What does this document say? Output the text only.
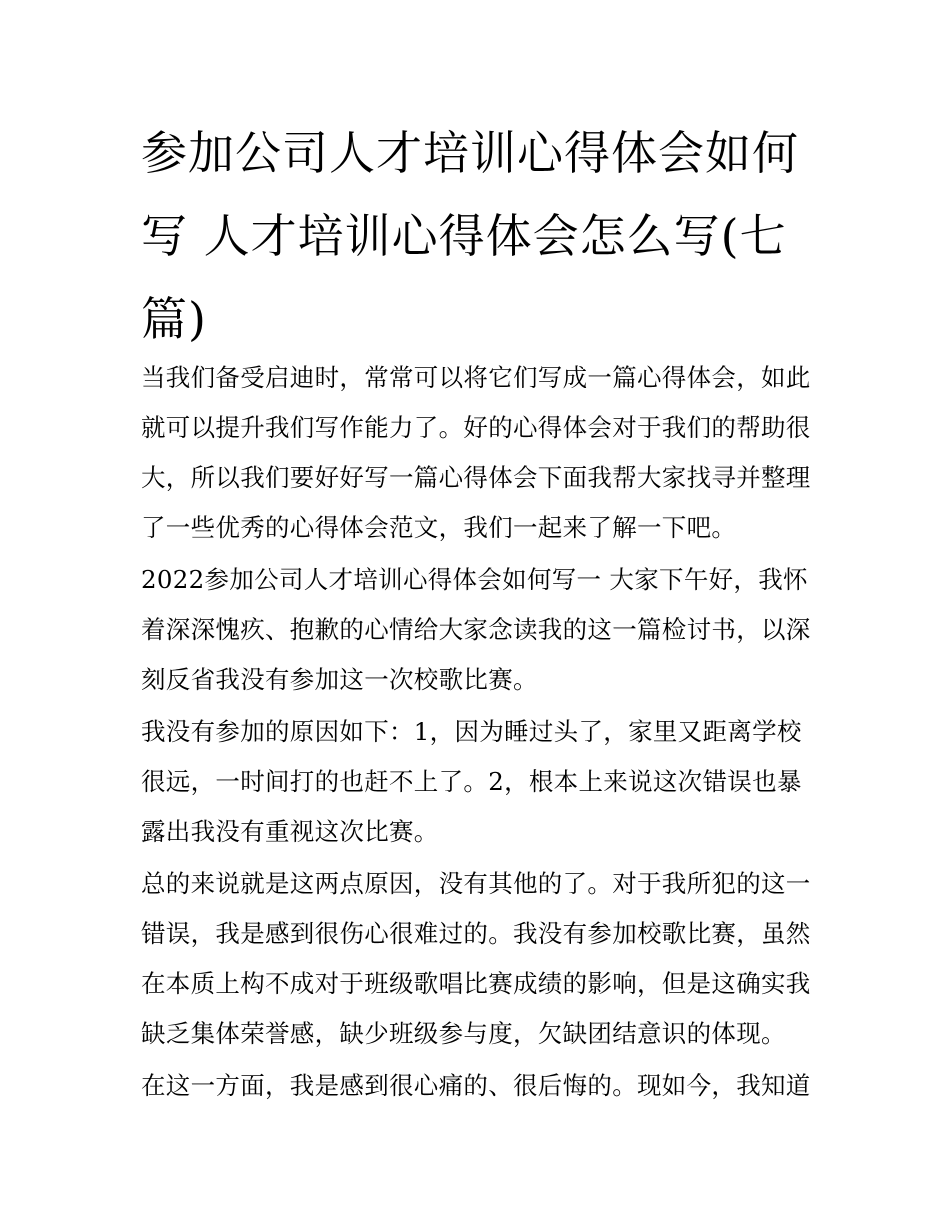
参加公司人才培训心得体会如何写 人才培训心得体会怎么写(七篇)

当我们备受启迪时，常常可以将它们写成一篇心得体会，如此就可以提升我们写作能力了。好的心得体会对于我们的帮助很大，所以我们要好好写一篇心得体会下面我帮大家找寻并整理了一些优秀的心得体会范文，我们一起来了解一下吧。

2022参加公司人才培训心得体会如何写一 大家下午好，我怀着深深愧疚、抱歉的心情给大家念读我的这一篇检讨书，以深刻反省我没有参加这一次校歌比赛。

我没有参加的原因如下：1，因为睡过头了，家里又距离学校很远，一时间打的也赶不上了。2，根本上来说这次错误也暴露出我没有重视这次比赛。

总的来说就是这两点原因，没有其他的了。对于我所犯的这一错误，我是感到很伤心很难过的。我没有参加校歌比赛，虽然在本质上构不成对于班级歌唱比赛成绩的影响，但是这确实我缺乏集体荣誉感，缺少班级参与度，欠缺团结意识的体现。

在这一方面，我是感到很心痛的、很后悔的。现如今，我知道
